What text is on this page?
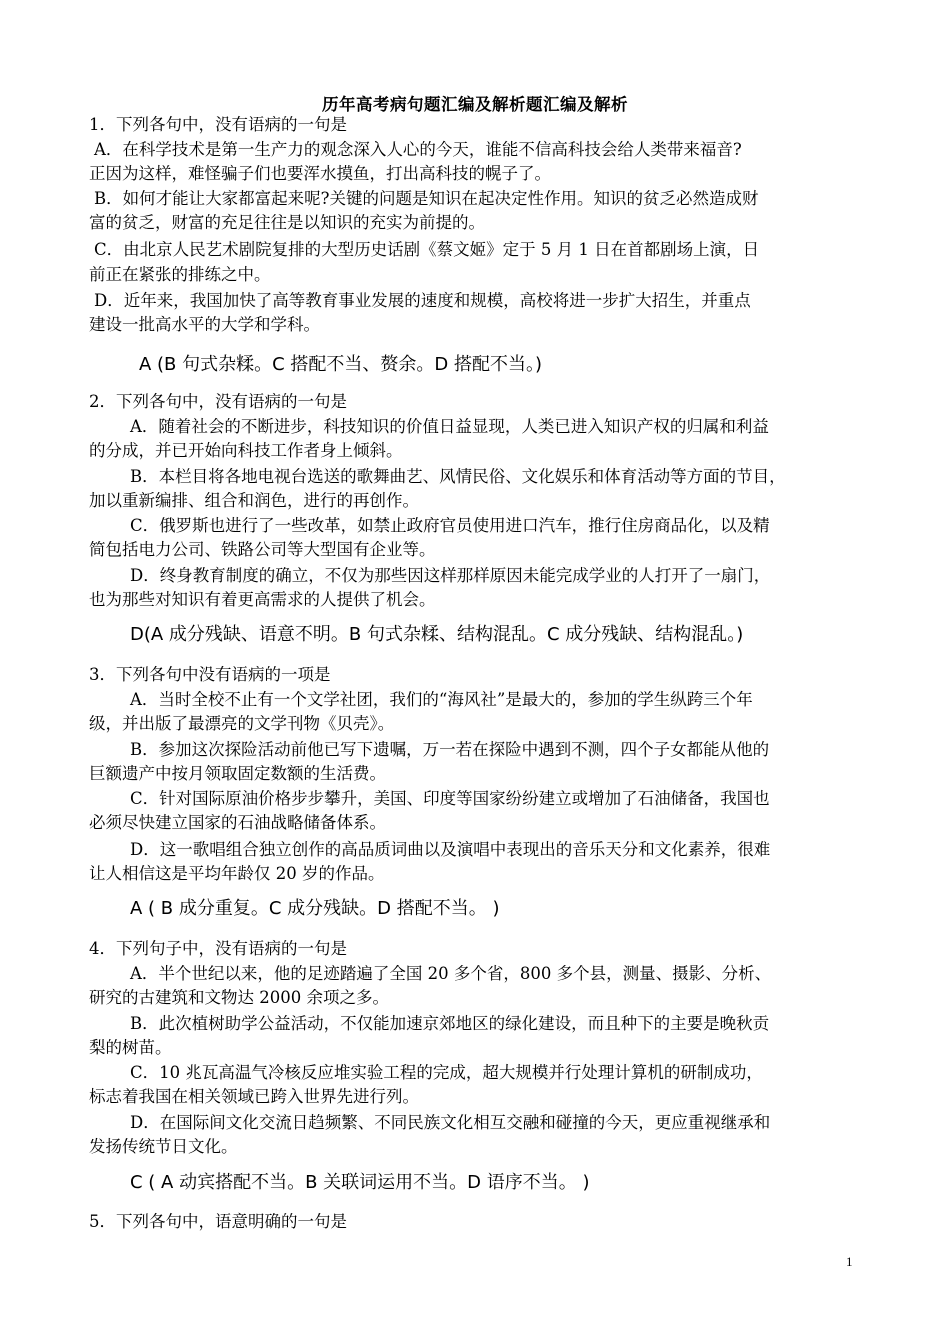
历年高考病句题汇编及解析题汇编及解析
1．下列各句中，没有语病的一句是
A．在科学技术是第一生产力的观念深入人心的今天，谁能不信高科技会给人类带来福音?
正因为这样，难怪骗子们也要浑水摸鱼，打出高科技的幌子了。
B．如何才能让大家都富起来呢?关键的问题是知识在起决定性作用。知识的贫乏必然造成财
富的贫乏，财富的充足往往是以知识的充实为前提的。
C．由北京人民艺术剧院复排的大型历史话剧《蔡文姬》定于 5 月 1 日在首都剧场上演，日
前正在紧张的排练之中。
D．近年来，我国加快了高等教育事业发展的速度和规模，高校将进一步扩大招生，并重点
建设一批高水平的大学和学科。
A (B 句式杂糅。C 搭配不当、赘余。D 搭配不当。)
2．下列各句中，没有语病的一句是
A．随着社会的不断进步，科技知识的价值日益显现，人类已进入知识产权的归属和利益
的分成，并已开始向科技工作者身上倾斜。
B．本栏目将各地电视台选送的歌舞曲艺、风情民俗、文化娱乐和体育活动等方面的节目，
加以重新编排、组合和润色，进行的再创作。
C．俄罗斯也进行了一些改革，如禁止政府官员使用进口汽车，推行住房商品化，以及精
简包括电力公司、铁路公司等大型国有企业等。
D．终身教育制度的确立，不仅为那些因这样那样原因未能完成学业的人打开了一扇门，
也为那些对知识有着更高需求的人提供了机会。
D(A 成分残缺、语意不明。B 句式杂糅、结构混乱。C 成分残缺、结构混乱。)
3．下列各句中没有语病的一项是
A．当时全校不止有一个文学社团，我们的“海风社”是最大的，参加的学生纵跨三个年
级，并出版了最漂亮的文学刊物《贝壳》。
B．参加这次探险活动前他已写下遗嘱，万一若在探险中遇到不测，四个子女都能从他的
巨额遗产中按月领取固定数额的生活费。
C．针对国际原油价格步步攀升，美国、印度等国家纷纷建立或增加了石油储备，我国也
必须尽快建立国家的石油战略储备体系。
D．这一歌唱组合独立创作的高品质词曲以及演唱中表现出的音乐天分和文化素养，很难
让人相信这是平均年龄仅 20 岁的作品。
A ( B 成分重复。C 成分残缺。D 搭配不当。 )
4．下列句子中，没有语病的一句是
A．半个世纪以来，他的足迹踏遍了全国 20 多个省，800 多个县，测量、摄影、分析、
研究的古建筑和文物达 2000 余项之多。
B．此次植树助学公益活动，不仅能加速京郊地区的绿化建设，而且种下的主要是晚秋贡
梨的树苗。
C．10 兆瓦高温气冷核反应堆实验工程的完成，超大规模并行处理计算机的研制成功，
标志着我国在相关领域已跨入世界先进行列。
D．在国际间文化交流日趋频繁、不同民族文化相互交融和碰撞的今天，更应重视继承和
发扬传统节日文化。
C ( A 动宾搭配不当。B 关联词运用不当。D 语序不当。 )
5．下列各句中，语意明确的一句是
1
